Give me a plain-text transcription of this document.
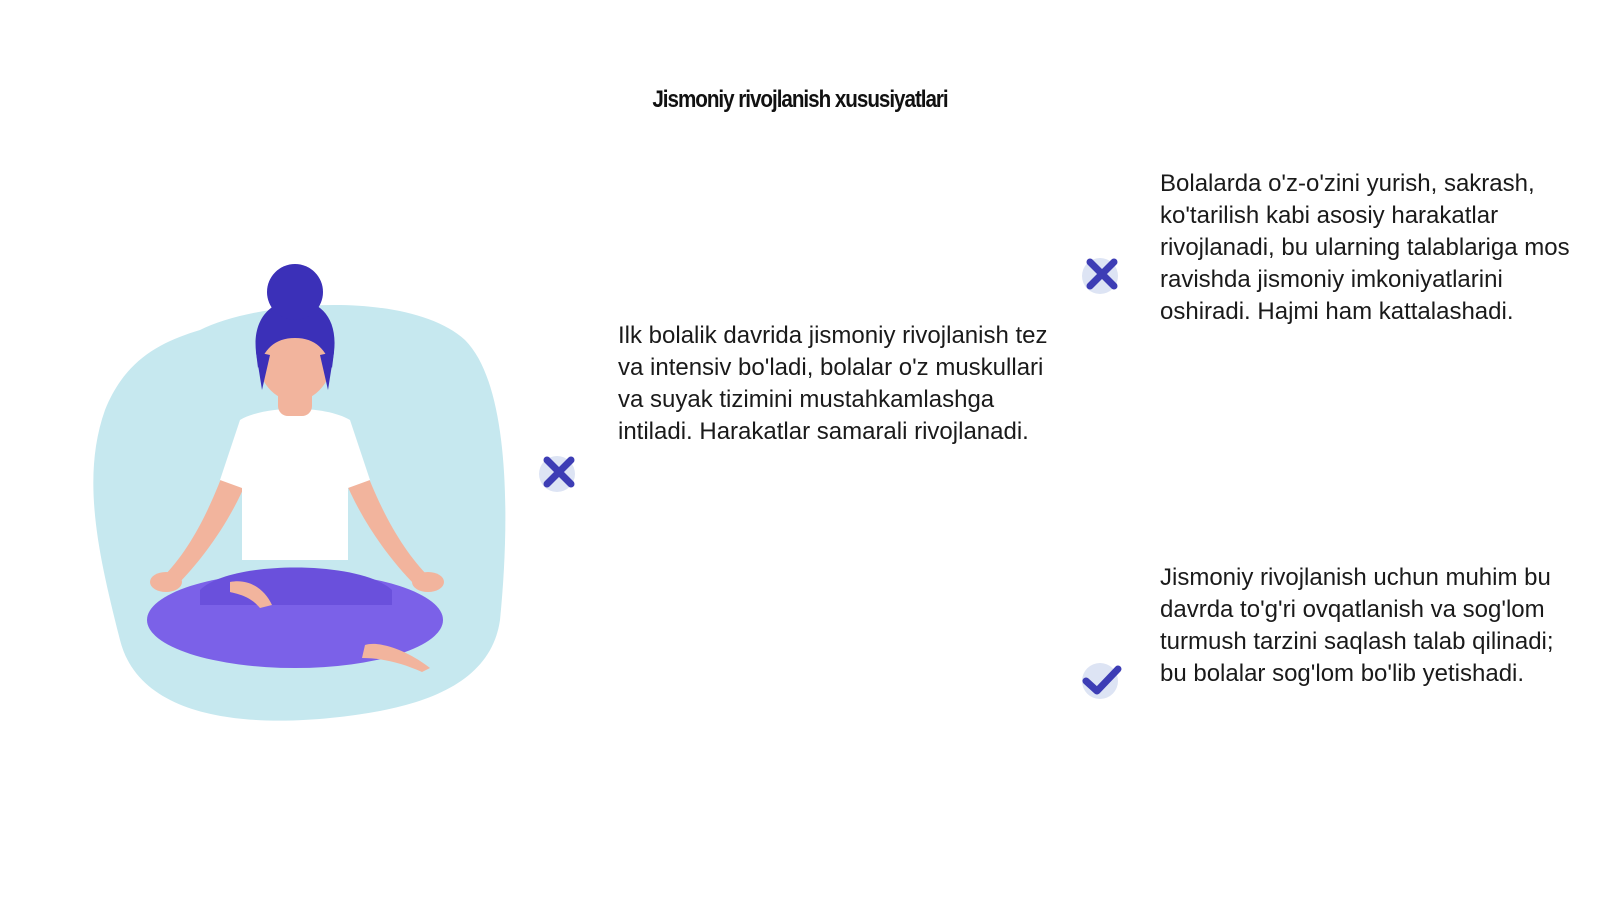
Jismoniy rivojlanish xususiyatlari

Ilk bolalik davrida jismoniy rivojlanish tez va intensiv bo'ladi, bolalar o'z muskullari va suyak tizimini mustahkamlashga intiladi. Harakatlar samarali rivojlanadi.

Bolalarda o'z-o'zini yurish, sakrash, ko'tarilish kabi asosiy harakatlar rivojlanadi, bu ularning talablariga mos ravishda jismoniy imkoniyatlarini oshiradi. Hajmi ham kattalashadi.

Jismoniy rivojlanish uchun muhim bu davrda to'g'ri ovqatlanish va sog'lom turmush tarzini saqlash talab qilinadi; bu bolalar sog'lom bo'lib yetishadi.
